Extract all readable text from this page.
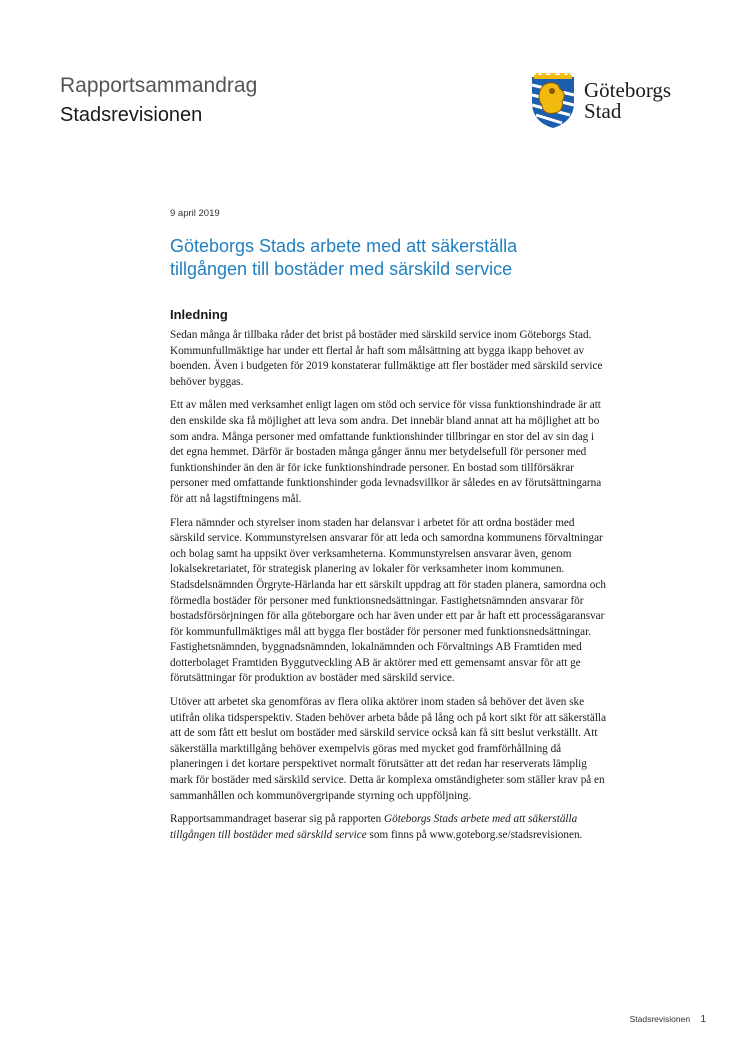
Rapportsammandrag
Stadsrevisionen
Göteborgs
Stad

9 april 2019

Göteborgs Stads arbete med att säkerställa
tillgången till bostäder med särskild service
Inledning

Sedan många år tillbaka råder det brist på bostäder med särskild service inom Göteborgs Stad. Kommunfullmäktige har under ett flertal år haft som målsättning att bygga ikapp behovet av boenden. Även i budgeten för 2019 konstaterar fullmäktige att fler bostäder med särskild service behöver byggas.

Ett av målen med verksamhet enligt lagen om stöd och service för vissa funktionshindrade är att den enskilde ska få möjlighet att leva som andra. Det innebär bland annat att ha möjlighet att bo som andra. Många personer med omfattande funktionshinder tillbringar en stor del av sin dag i det egna hemmet. Därför är bostaden många gånger ännu mer betydelsefull för personer med funktionshinder än den är för icke funktionshindrade personer. En bostad som tillförsäkrar personer med omfattande funktionshinder goda levnadsvillkor är således en av förutsättningarna för att nå lagstiftningens mål.

Flera nämnder och styrelser inom staden har delansvar i arbetet för att ordna bostäder med särskild service. Kommunstyrelsen ansvarar för att leda och samordna kommunens förvaltningar och bolag samt ha uppsikt över verksamheterna. Kommunstyrelsen ansvarar även, genom lokalsekretariatet, för strategisk planering av lokaler för verksamheter inom kommunen. Stadsdelsnämnden Örgryte-Härlanda har ett särskilt uppdrag att för staden planera, samordna och förmedla bostäder för personer med funktionsnedsättningar. Fastighetsnämnden ansvarar för bostadsförsörjningen för alla göteborgare och har även under ett par år haft ett processägaransvar för kommunfullmäktiges mål att bygga fler bostäder för personer med funktionsnedsättningar. Fastighetsnämnden, byggnadsnämnden, lokalnämnden och Förvaltnings AB Framtiden med dotterbolaget Framtiden Byggutveckling AB är aktörer med ett gemensamt ansvar för att ge förutsättningar för produktion av bostäder med särskild service.

Utöver att arbetet ska genomföras av flera olika aktörer inom staden så behöver det även ske utifrån olika tidsperspektiv. Staden behöver arbeta både på lång och på kort sikt för att säkerställa att de som fått ett beslut om bostäder med särskild service också kan få sitt beslut verkställt. Att säkerställa marktillgång behöver exempelvis göras med mycket god framförhållning då planeringen i det kortare perspektivet normalt förutsätter att det redan har reserverats lämplig mark för bostäder med särskild service. Detta är komplexa omständigheter som ställer krav på en sammanhållen och kommunövergripande styrning och uppföljning.

Rapportsammandraget baserar sig på rapporten Göteborgs Stads arbete med att säkerställa tillgången till bostäder med särskild service som finns på www.goteborg.se/stadsrevisionen.

Stadsrevisionen 1
